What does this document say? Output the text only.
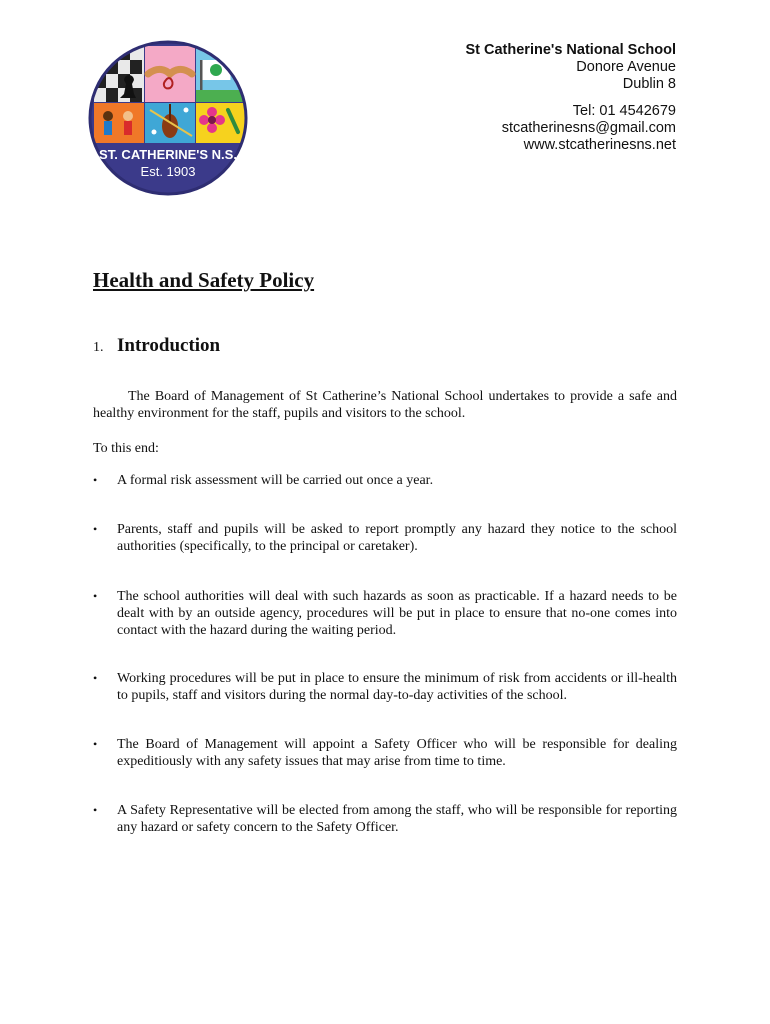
ST. CATHERINE'S N.S.
Est. 1903
St Catherine's National School
Donore Avenue
Dublin 8
Tel: 01 4542679
stcatherinesns@gmail.com
www.stcatherinesns.net
Health and Safety Policy
1. Introduction

The Board of Management of St Catherine’s National School undertakes to provide a safe and healthy environment for the staff, pupils and visitors to the school.

To this end:

•	A formal risk assessment will be carried out once a year.
•	Parents, staff and pupils will be asked to report promptly any hazard they notice to the school authorities (specifically, to the principal or caretaker).
•	The school authorities will deal with such hazards as soon as practicable. If a hazard needs to be dealt with by an outside agency, procedures will be put in place to ensure that no-one comes into contact with the hazard during the waiting period.
•	Working procedures will be put in place to ensure the minimum of risk from accidents or ill-health to pupils, staff and visitors during the normal day-to-day activities of the school.
•	The Board of Management will appoint a Safety Officer who will be responsible for dealing expeditiously with any safety issues that may arise from time to time.
•	A Safety Representative will be elected from among the staff, who will be responsible for reporting any hazard or safety concern to the Safety Officer.
